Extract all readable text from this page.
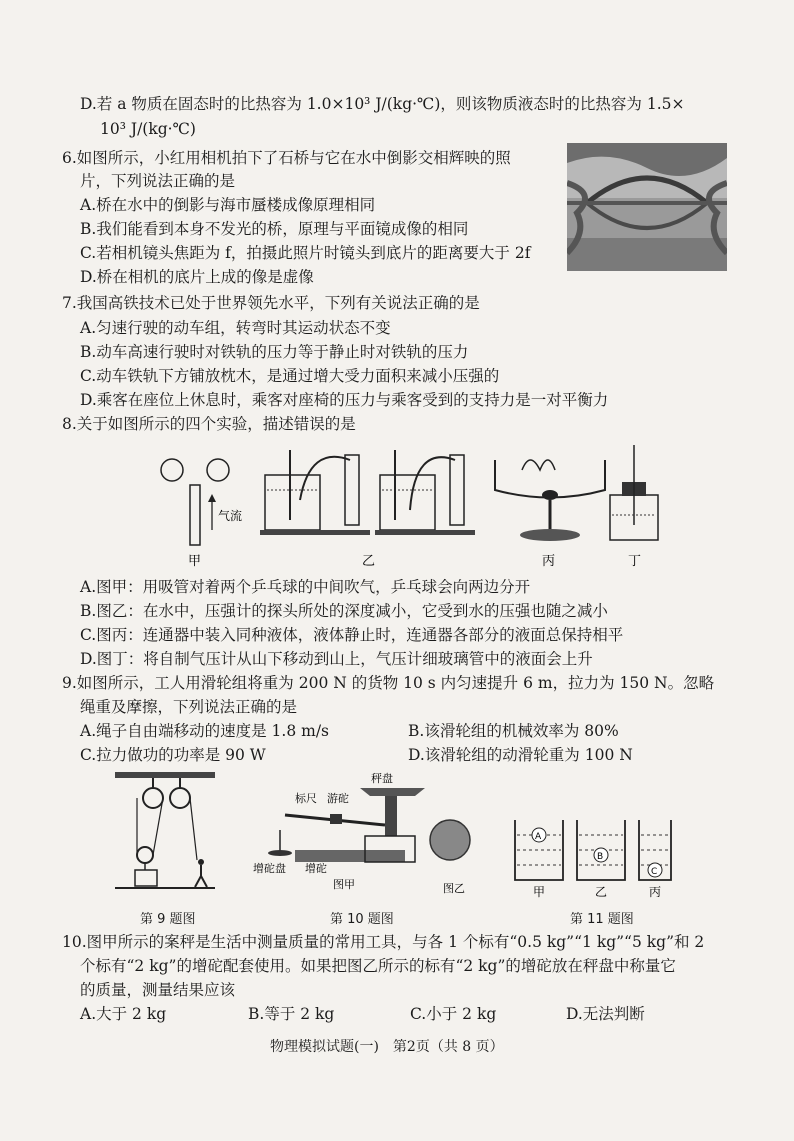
D.若 a 物质在固态时的比热容为 1.0×10³ J/(kg·℃)，则该物质液态时的比热容为 1.5×
10³ J/(kg·℃)
6.如图所示，小红用相机拍下了石桥与它在水中倒影交相辉映的照
片，下列说法正确的是
A.桥在水中的倒影与海市蜃楼成像原理相同
B.我们能看到本身不发光的桥，原理与平面镜成像的相同
C.若相机镜头焦距为 f，拍摄此照片时镜头到底片的距离要大于 2f
D.桥在相机的底片上成的像是虚像
7.我国高铁技术已处于世界领先水平，下列有关说法正确的是
A.匀速行驶的动车组，转弯时其运动状态不变
B.动车高速行驶时对铁轨的压力等于静止时对铁轨的压力
C.动车铁轨下方铺放枕木，是通过增大受力面积来减小压强的
D.乘客在座位上休息时，乘客对座椅的压力与乘客受到的支持力是一对平衡力
8.关于如图所示的四个实验，描述错误的是
气流
甲	乙	丙	丁
A.图甲：用吸管对着两个乒乓球的中间吹气，乒乓球会向两边分开
B.图乙：在水中，压强计的探头所处的深度减小，它受到水的压强也随之减小
C.图丙：连通器中装入同种液体，液体静止时，连通器各部分的液面总保持相平
D.图丁：将自制气压计从山下移动到山上，气压计细玻璃管中的液面会上升
9.如图所示，工人用滑轮组将重为 200 N 的货物 10 s 内匀速提升 6 m，拉力为 150 N。忽略
绳重及摩擦，下列说法正确的是
A.绳子自由端移动的速度是 1.8 m/s	B.该滑轮组的机械效率为 80%
C.拉力做功的功率是 90 W	D.该滑轮组的动滑轮重为 100 N
秤盘
标尺 游砣
增砣盘 增砣
图甲	图乙
A
B
C
甲	乙	丙
第 9 题图	第 10 题图	第 11 题图
10.图甲所示的案秤是生活中测量质量的常用工具，与各 1 个标有“0.5 kg”“1 kg”“5 kg”和 2
个标有“2 kg”的增砣配套使用。如果把图乙所示的标有“2 kg”的增砣放在秤盘中称量它
的质量，测量结果应该
A.大于 2 kg	B.等于 2 kg	C.小于 2 kg	D.无法判断
物理模拟试题(一)　第2页（共 8 页）
